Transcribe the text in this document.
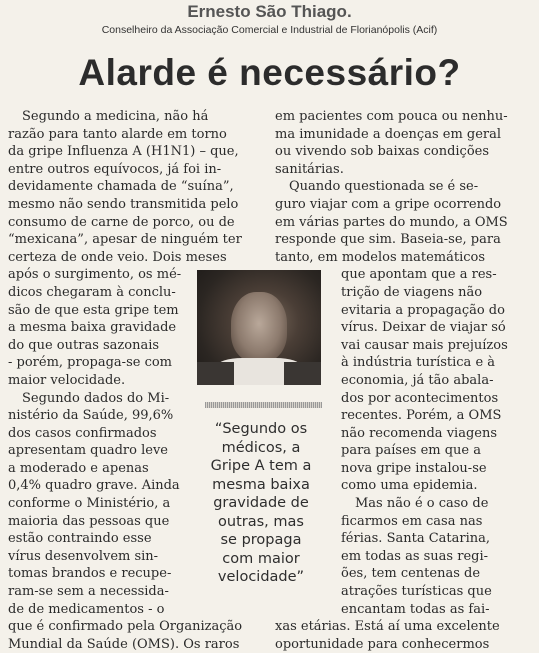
Ernesto São Thiago.
Conselheiro da Associação Comercial e Industrial de Florianópolis (Acif)
Alarde é necessário?
Segundo a medicina, não há
razão para tanto alarde em torno
da gripe Influenza A (H1N1) – que,
entre outros equívocos, já foi in-
devidamente chamada de “suína”,
mesmo não sendo transmitida pelo
consumo de carne de porco, ou de
“mexicana”, apesar de ninguém ter
certeza de onde veio. Dois meses
após o surgimento, os mé-
dicos chegaram à conclu-
são de que esta gripe tem
a mesma baixa gravidade
do que outras sazonais
- porém, propaga-se com
maior velocidade.
Segundo dados do Mi-
nistério da Saúde, 99,6%
dos casos confirmados
apresentam quadro leve
a moderado e apenas
0,4% quadro grave. Ainda
conforme o Ministério, a
maioria das pessoas que
estão contraindo esse
vírus desenvolvem sin-
tomas brandos e recupe-
ram-se sem a necessida-
de de medicamentos - o
que é confirmado pela Organização
Mundial da Saúde (OMS). Os raros
em pacientes com pouca ou nenhu-
ma imunidade a doenças em geral
ou vivendo sob baixas condições
sanitárias.
Quando questionada se é se-
guro viajar com a gripe ocorrendo
em várias partes do mundo, a OMS
responde que sim. Baseia-se, para
tanto, em modelos matemáticos
que apontam que a res-
trição de viagens não
evitaria a propagação do
vírus. Deixar de viajar só
vai causar mais prejuízos
à indústria turística e à
economia, já tão abala-
dos por acontecimentos
recentes. Porém, a OMS
não recomenda viagens
para países em que a
nova gripe instalou-se
como uma epidemia.
Mas não é o caso de
ficarmos em casa nas
férias. Santa Catarina,
em todas as suas regi-
ões, tem centenas de
atrações turísticas que
encantam todas as fai-
xas etárias. Está aí uma excelente
oportunidade para conhecermos
“Segundo os
médicos, a
Gripe A tem a
mesma baixa
gravidade de
outras, mas
se propaga
com maior
velocidade”
